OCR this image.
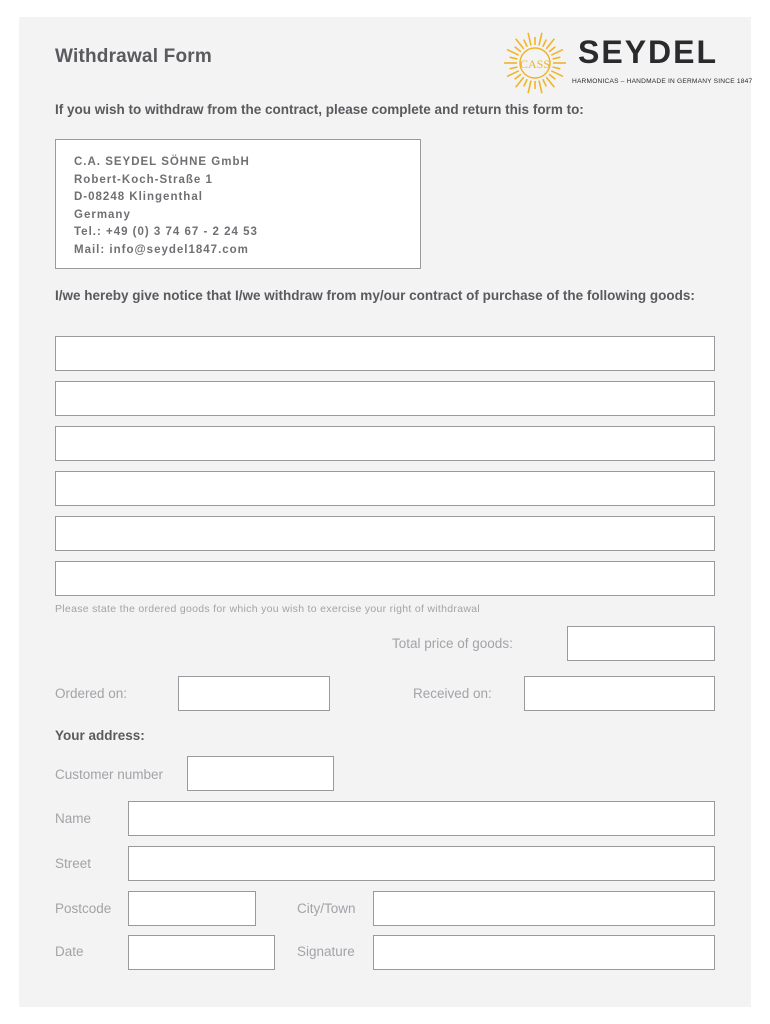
Withdrawal Form	CASS SEYDEL
HARMONICAS – HANDMADE IN GERMANY SINCE 1847
If you wish to withdraw from the contract, please complete and return this form to:
C.A. SEYDEL SÖHNE GmbH
Robert-Koch-Straße 1
D-08248 Klingenthal
Germany
Tel.: +49 (0) 3 74 67 - 2 24 53
Mail: info@seydel1847.com
I/we hereby give notice that I/we withdraw from my/our contract of purchase of the following goods:
Please state the ordered goods for which you wish to exercise your right of withdrawal
Total price of goods:
Ordered on:	Received on:
Your address:
Customer number
Name
Street
Postcode	City/Town
Date	Signature
